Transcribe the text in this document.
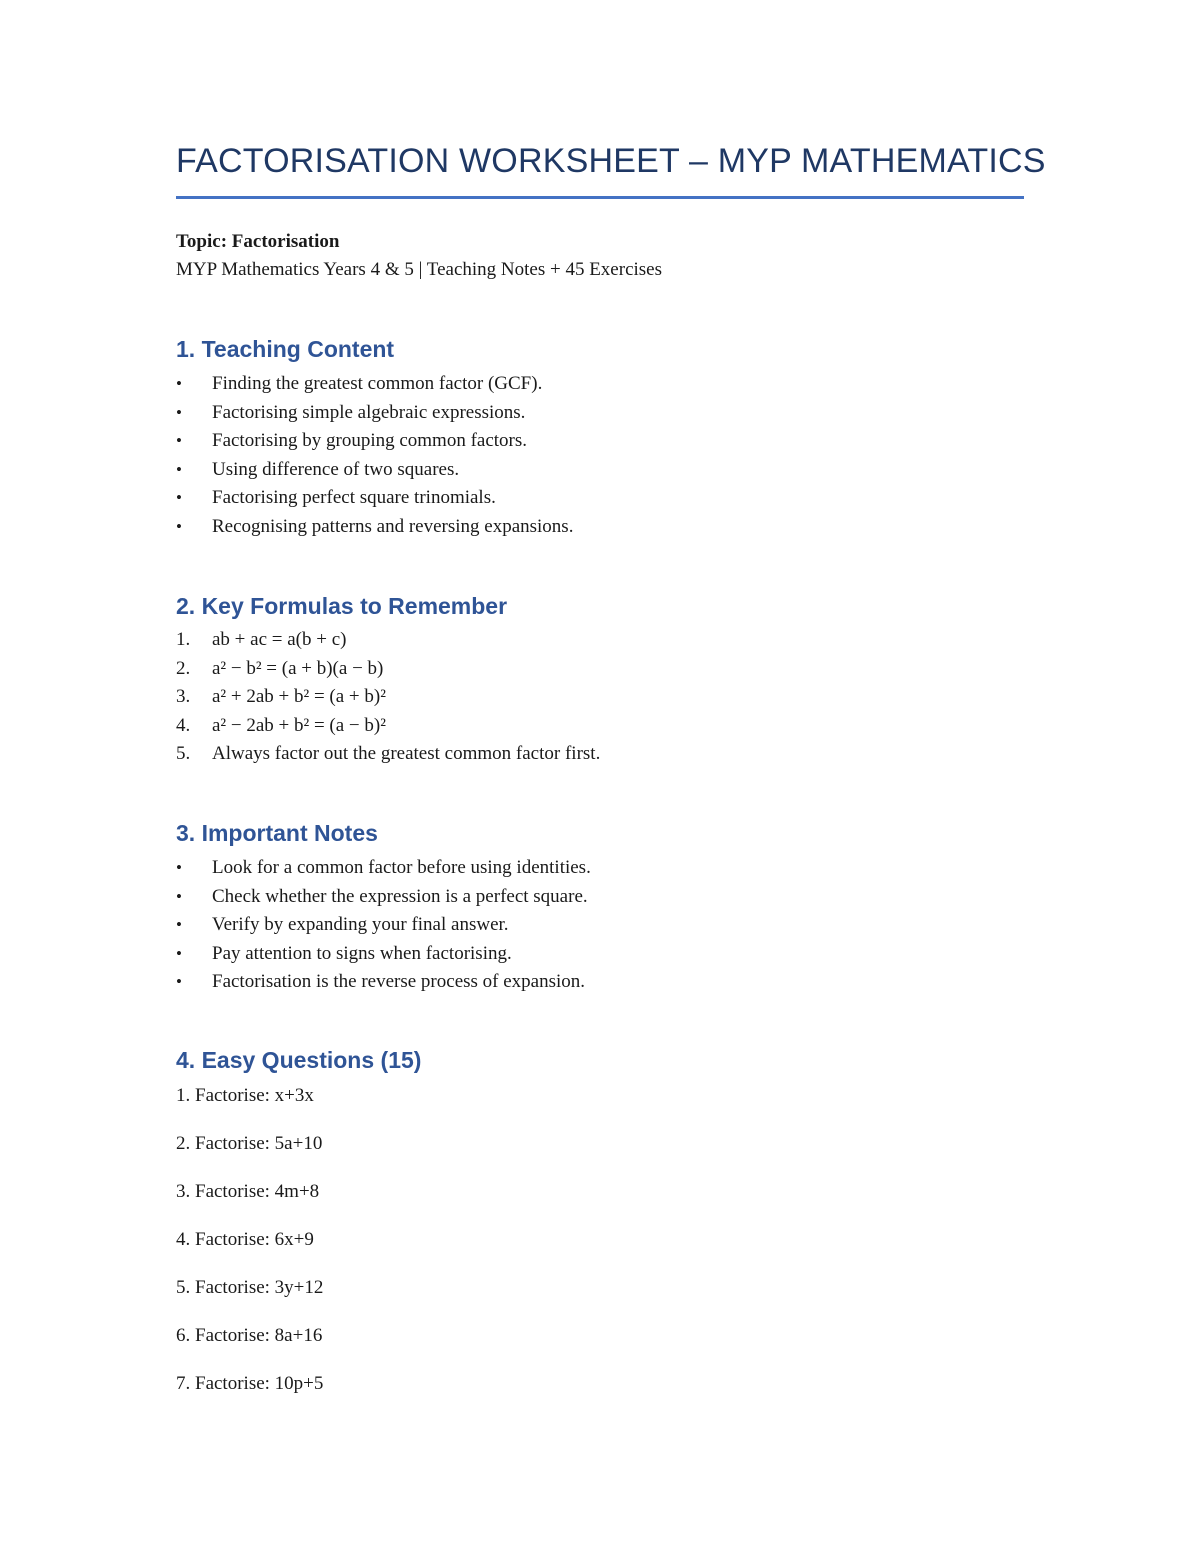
FACTORISATION WORKSHEET – MYP MATHEMATICS

Topic: Factorisation

MYP Mathematics Years 4 & 5 | Teaching Notes + 45 Exercises

1. Teaching Content
• Finding the greatest common factor (GCF).
• Factorising simple algebraic expressions.
• Factorising by grouping common factors.
• Using difference of two squares.
• Factorising perfect square trinomials.
• Recognising patterns and reversing expansions.
2. Key Formulas to Remember
1. ab + ac = a(b + c)
2. a² − b² = (a + b)(a − b)
3. a² + 2ab + b² = (a + b)²
4. a² − 2ab + b² = (a − b)²
5. Always factor out the greatest common factor first.
3. Important Notes
• Look for a common factor before using identities.
• Check whether the expression is a perfect square.
• Verify by expanding your final answer.
• Pay attention to signs when factorising.
• Factorisation is the reverse process of expansion.
4. Easy Questions (15)
1. Factorise: x+3x
2. Factorise: 5a+10
3. Factorise: 4m+8
4. Factorise: 6x+9
5. Factorise: 3y+12
6. Factorise: 8a+16
7. Factorise: 10p+5
